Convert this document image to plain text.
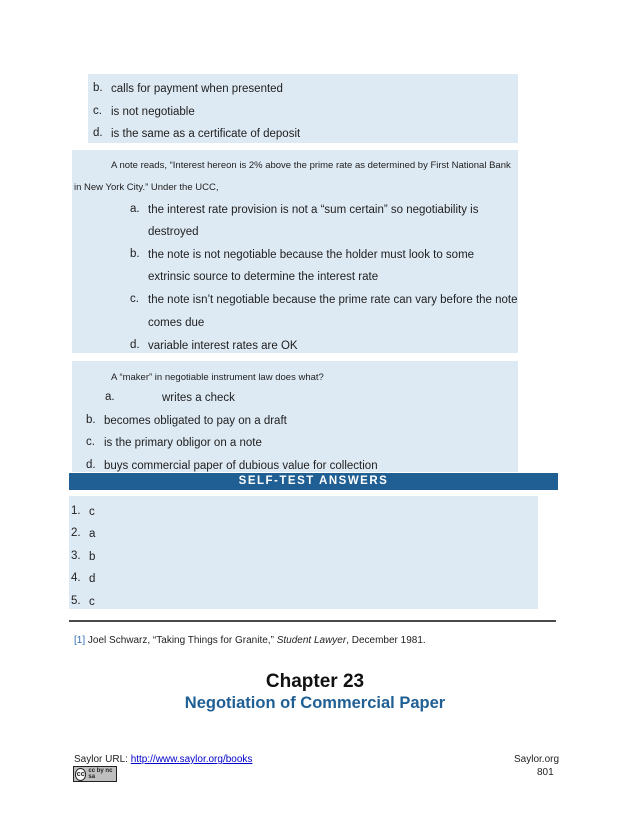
b. calls for payment when presented
c. is not negotiable
d. is the same as a certificate of deposit
A note reads, “Interest hereon is 2% above the prime rate as determined by First National Bank
in New York City.” Under the UCC,
a. the interest rate provision is not a “sum certain” so negotiability is
destroyed
b. the note is not negotiable because the holder must look to some
extrinsic source to determine the interest rate
c. the note isn’t negotiable because the prime rate can vary before the note
comes due
d. variable interest rates are OK
A “maker” in negotiable instrument law does what?
a.	writes a check
b. becomes obligated to pay on a draft
c. is the primary obligor on a note
d. buys commercial paper of dubious value for collection
SELF-TEST ANSWERS
1. c
2. a
3. b
4. d
5. c
[1] Joel Schwarz, “Taking Things for Granite,” Student Lawyer, December 1981.
Chapter 23
Negotiation of Commercial Paper
Saylor URL: http://www.saylor.org/books
cc cc by nc sa
Saylor.org
801
